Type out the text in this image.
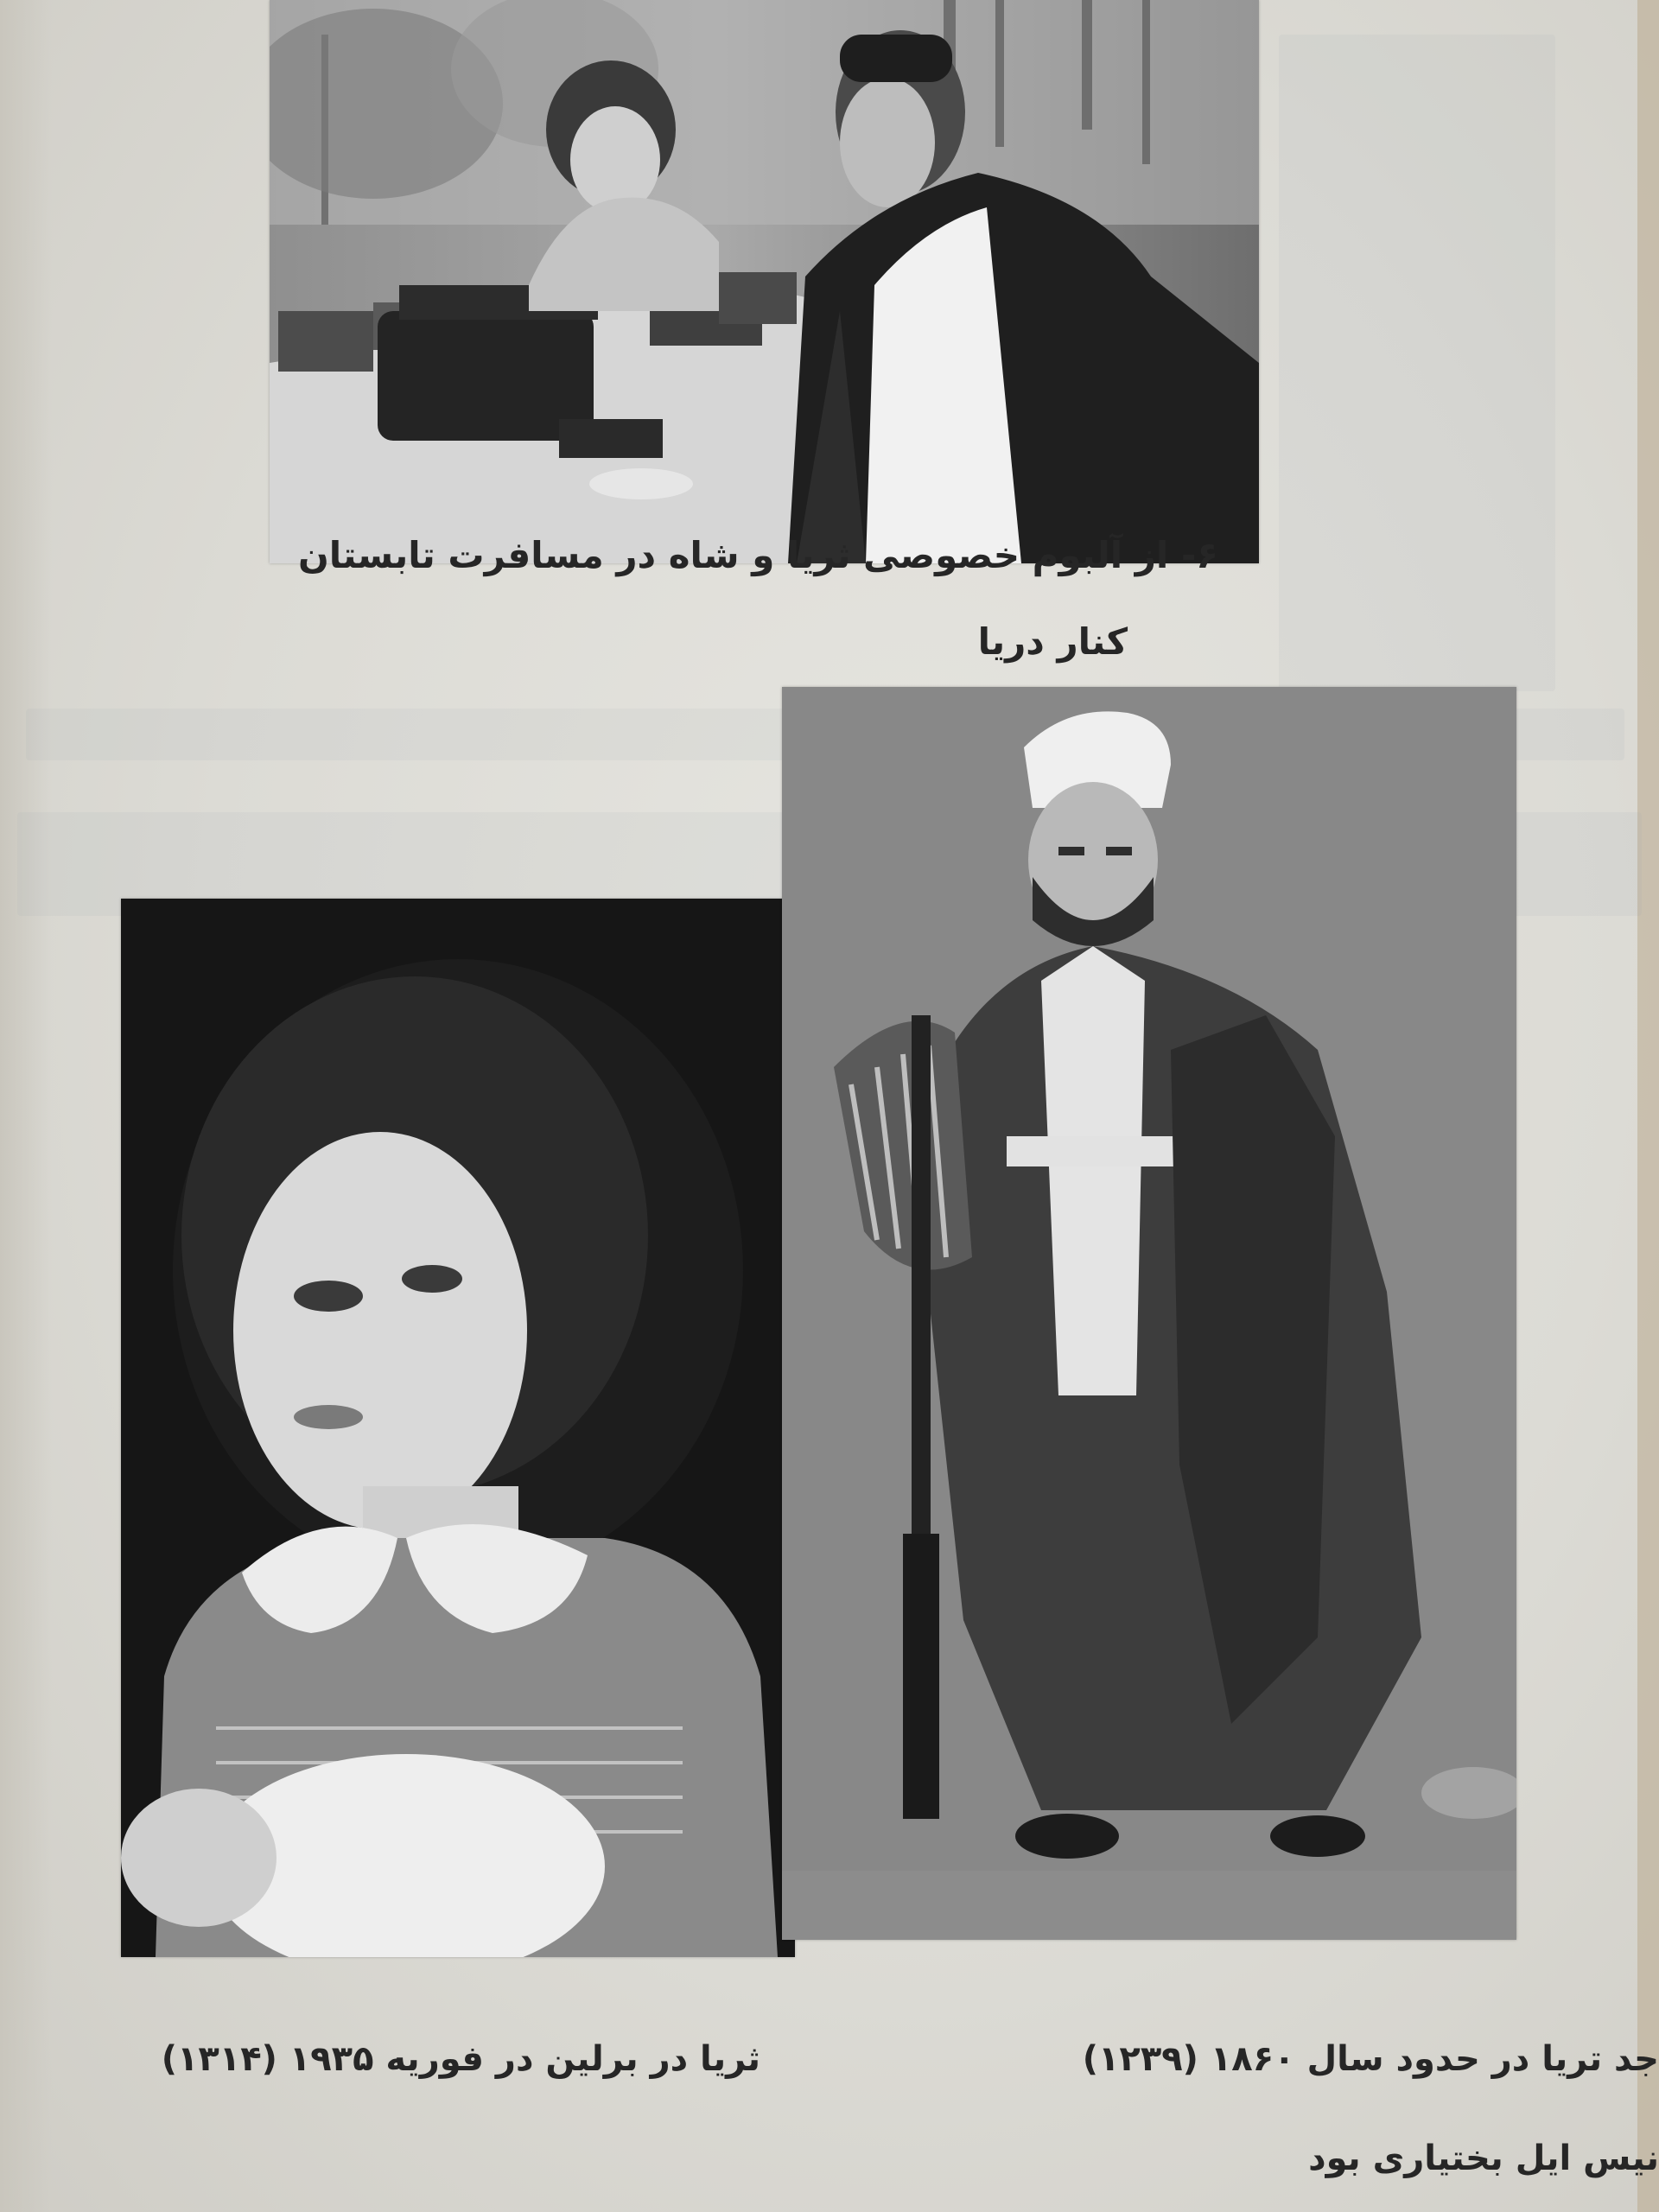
۶- از آلبوم خصوصی ثریا و شاه در مسافرت تابستان
کنار دریا
ثریا در برلین در فوریه ۱۹۳۵ (۱۳۱۴)	جد تریا در حدود سال ۱۸۶۰ (۱۲۳۹)
نیس ایل بختیاری بود
